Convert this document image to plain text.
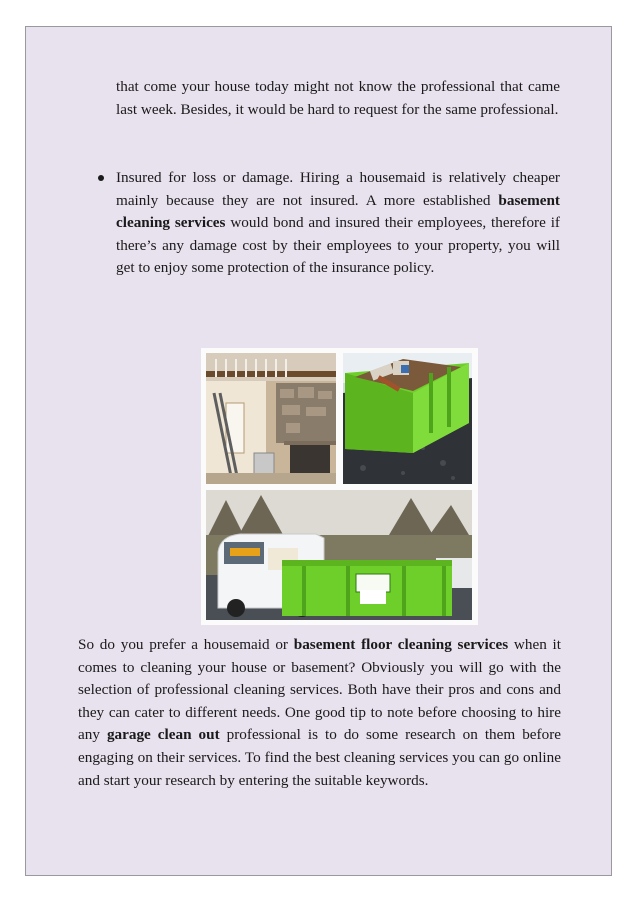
that come your house today might not know the professional that came last week. Besides, it would be hard to request for the same professional.
Insured for loss or damage. Hiring a housemaid is relatively cheaper mainly because they are not insured. A more established basement cleaning services would bond and insured their employees, therefore if there’s any damage cost by their employees to your property, you will get to enjoy some protection of the insurance policy.
So do you prefer a housemaid or basement floor cleaning services when it comes to cleaning your house or basement? Obviously you will go with the selection of professional cleaning services. Both have their pros and cons and they can cater to different needs. One good tip to note before choosing to hire any garage clean out professional is to do some research on them before engaging on their services. To find the best cleaning services you can go online and start your research by entering the suitable keywords.
